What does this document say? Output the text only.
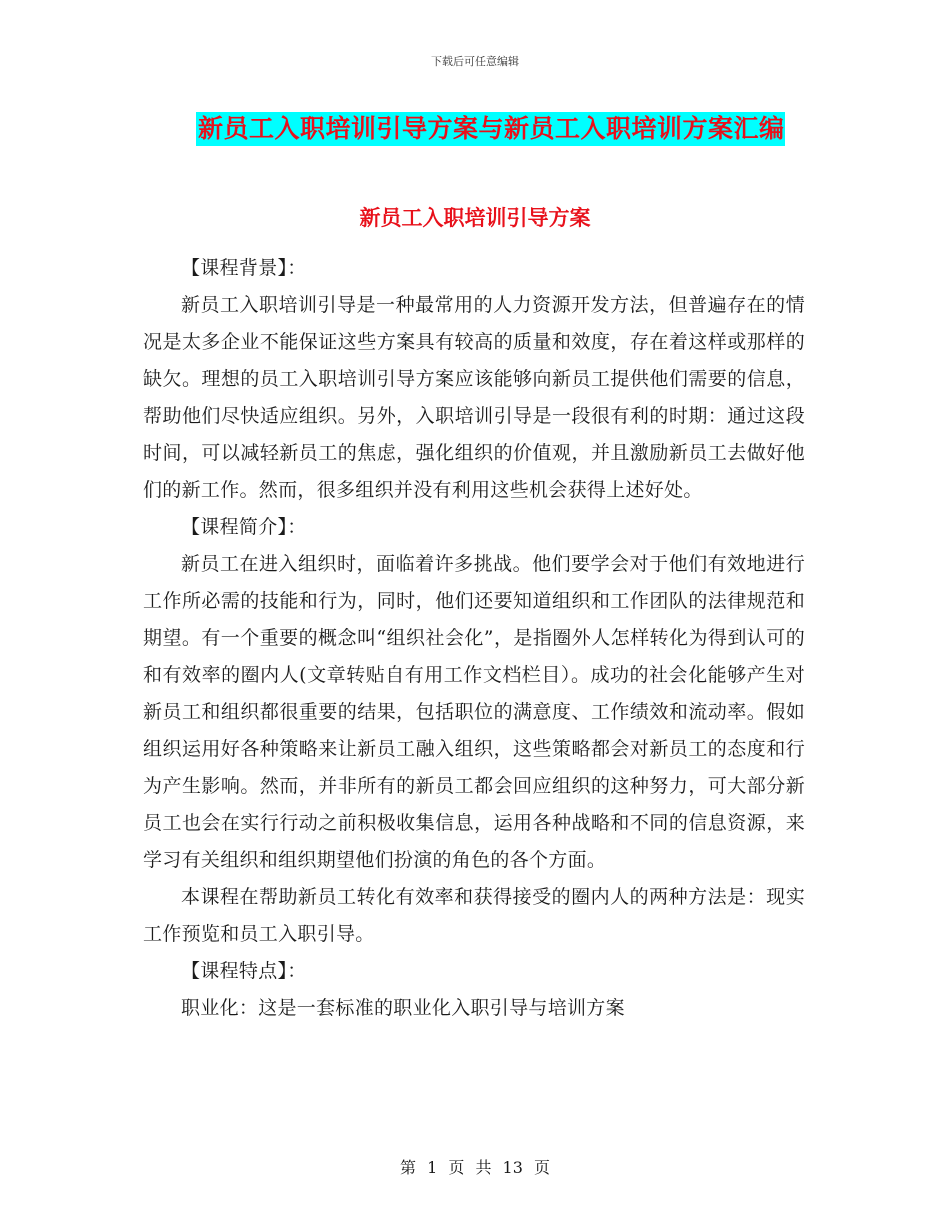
下载后可任意编辑
新员工入职培训引导方案与新员工入职培训方案汇编
新员工入职培训引导方案

【课程背景】：

新员工入职培训引导是一种最常用的人力资源开发方法，但普遍存在的情况是太多企业不能保证这些方案具有较高的质量和效度，存在着这样或那样的缺欠。理想的员工入职培训引导方案应该能够向新员工提供他们需要的信息，帮助他们尽快适应组织。另外，入职培训引导是一段很有利的时期：通过这段时间，可以减轻新员工的焦虑，强化组织的价值观，并且激励新员工去做好他们的新工作。然而，很多组织并没有利用这些机会获得上述好处。

【课程简介】：

新员工在进入组织时，面临着许多挑战。他们要学会对于他们有效地进行工作所必需的技能和行为，同时，他们还要知道组织和工作团队的法律规范和期望。有一个重要的概念叫“组织社会化”，是指圈外人怎样转化为得到认可的和有效率的圈内人(文章转贴自有用工作文档栏目）。成功的社会化能够产生对新员工和组织都很重要的结果，包括职位的满意度、工作绩效和流动率。假如组织运用好各种策略来让新员工融入组织，这些策略都会对新员工的态度和行为产生影响。然而，并非所有的新员工都会回应组织的这种努力，可大部分新员工也会在实行行动之前积极收集信息，运用各种战略和不同的信息资源，来学习有关组织和组织期望他们扮演的角色的各个方面。

本课程在帮助新员工转化有效率和获得接受的圈内人的两种方法是：现实工作预览和员工入职引导。

【课程特点】：

职业化：这是一套标准的职业化入职引导与培训方案

第 1 页 共 13 页
